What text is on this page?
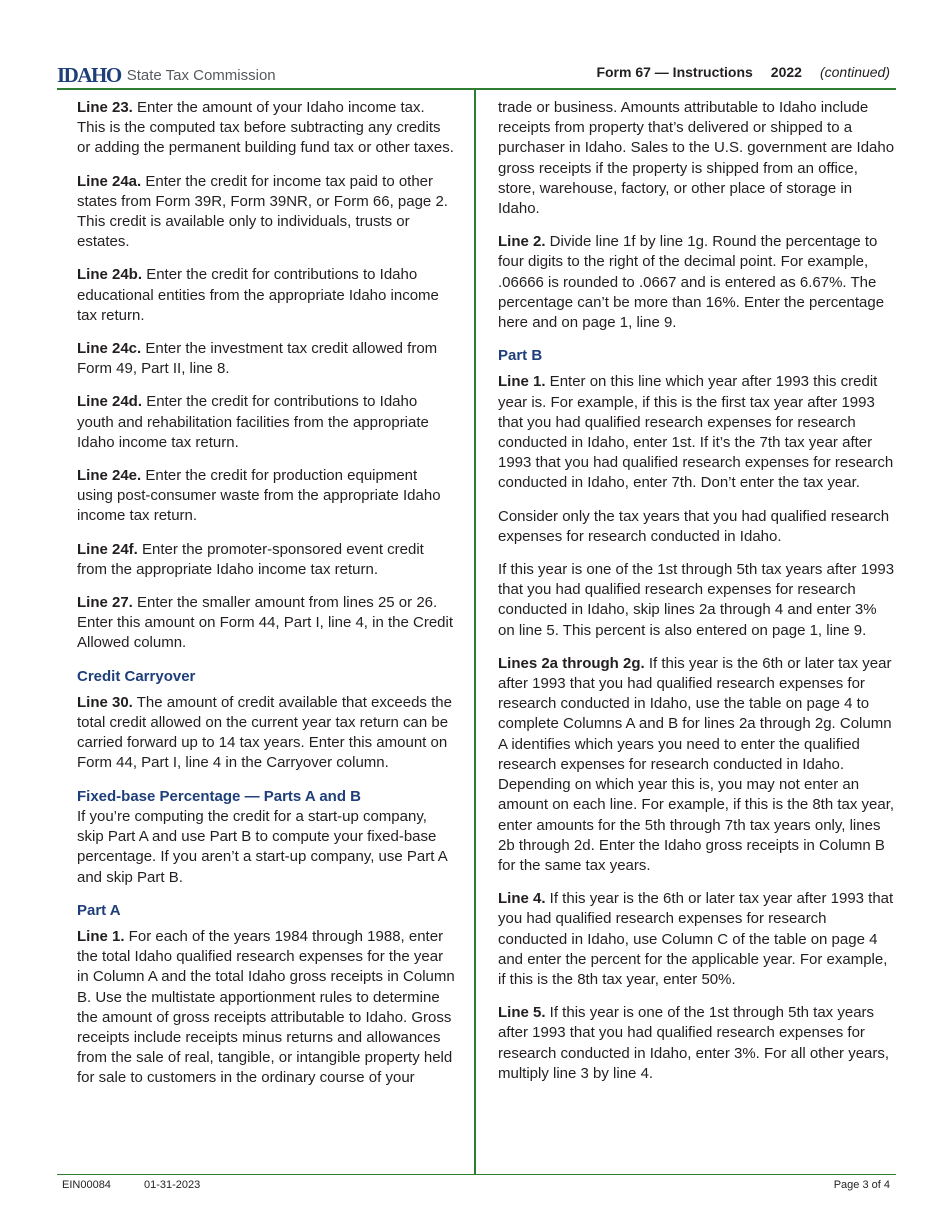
IDAHO State Tax Commission	Form 67 — Instructions 2022 (continued)

Line 23. Enter the amount of your Idaho income tax. This is the computed tax before subtracting any credits or adding the permanent building fund tax or other taxes.

Line 24a. Enter the credit for income tax paid to other states from Form 39R, Form 39NR, or Form 66, page 2. This credit is available only to individuals, trusts or estates.

Line 24b. Enter the credit for contributions to Idaho educational entities from the appropriate Idaho income tax return.

Line 24c. Enter the investment tax credit allowed from Form 49, Part II, line 8.

Line 24d. Enter the credit for contributions to Idaho youth and rehabilitation facilities from the appropriate Idaho income tax return.

Line 24e. Enter the credit for production equipment using post-consumer waste from the appropriate Idaho income tax return.

Line 24f. Enter the promoter-sponsored event credit from the appropriate Idaho income tax return.

Line 27. Enter the smaller amount from lines 25 or 26. Enter this amount on Form 44, Part I, line 4, in the Credit Allowed column.

Credit Carryover

Line 30. The amount of credit available that exceeds the total credit allowed on the current year tax return can be carried forward up to 14 tax years. Enter this amount on Form 44, Part I, line 4 in the Carryover column.

Fixed-base Percentage — Parts A and B

If you’re computing the credit for a start-up company, skip Part A and use Part B to compute your fixed-base percentage. If you aren’t a start-up company, use Part A and skip Part B.

Part A

Line 1. For each of the years 1984 through 1988, enter the total Idaho qualified research expenses for the year in Column A and the total Idaho gross receipts in Column B. Use the multistate apportionment rules to determine the amount of gross receipts attributable to Idaho. Gross receipts include receipts minus returns and allowances from the sale of real, tangible, or intangible property held for sale to customers in the ordinary course of your

trade or business. Amounts attributable to Idaho include receipts from property that’s delivered or shipped to a purchaser in Idaho. Sales to the U.S. government are Idaho gross receipts if the property is shipped from an office, store, warehouse, factory, or other place of storage in Idaho.

Line 2. Divide line 1f by line 1g. Round the percentage to four digits to the right of the decimal point. For example, .06666 is rounded to .0667 and is entered as 6.67%. The percentage can’t be more than 16%. Enter the percentage here and on page 1, line 9.

Part B

Line 1. Enter on this line which year after 1993 this credit year is. For example, if this is the first tax year after 1993 that you had qualified research expenses for research conducted in Idaho, enter 1st. If it’s the 7th tax year after 1993 that you had qualified research expenses for research conducted in Idaho, enter 7th. Don’t enter the tax year.

Consider only the tax years that you had qualified research expenses for research conducted in Idaho.

If this year is one of the 1st through 5th tax years after 1993 that you had qualified research expenses for research conducted in Idaho, skip lines 2a through 4 and enter 3% on line 5. This percent is also entered on page 1, line 9.

Lines 2a through 2g. If this year is the 6th or later tax year after 1993 that you had qualified research expenses for research conducted in Idaho, use the table on page 4 to complete Columns A and B for lines 2a through 2g. Column A identifies which years you need to enter the qualified research expenses for research conducted in Idaho. Depending on which year this is, you may not enter an amount on each line. For example, if this is the 8th tax year, enter amounts for the 5th through 7th tax years only, lines 2b through 2d. Enter the Idaho gross receipts in Column B for the same tax years.

Line 4. If this year is the 6th or later tax year after 1993 that you had qualified research expenses for research conducted in Idaho, use Column C of the table on page 4 and enter the percent for the applicable year. For example, if this is the 8th tax year, enter 50%.

Line 5. If this year is one of the 1st through 5th tax years after 1993 that you had qualified research expenses for research conducted in Idaho, enter 3%. For all other years, multiply line 3 by line 4.

EIN00084	01-31-2023	Page 3 of 4
